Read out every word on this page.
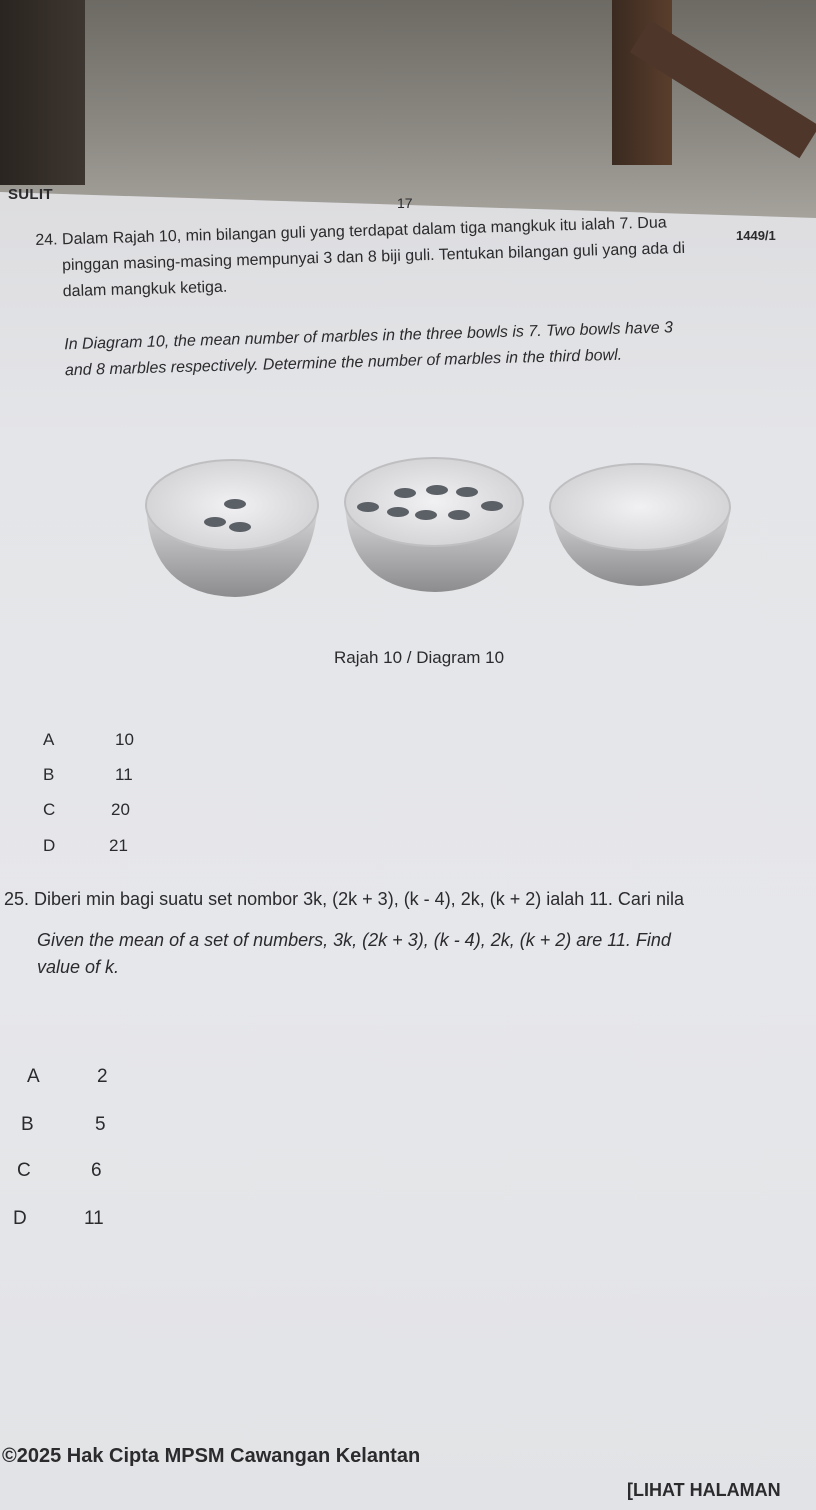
SULIT	17
1449/1

24. Dalam Rajah 10, min bilangan guli yang terdapat dalam tiga mangkuk itu ialah 7. Dua
pinggan masing-masing mempunyai 3 dan 8 biji guli. Tentukan bilangan guli yang ada di
dalam mangkuk ketiga.

In Diagram 10, the mean number of marbles in the three bowls is 7. Two bowls have 3
and 8 marbles respectively. Determine the number of marbles in the third bowl.

Rajah 10 / Diagram 10
A	10
B	11
C	20
D	21
25. Diberi min bagi suatu set nombor 3k, (2k + 3), (k - 4), 2k, (k + 2) ialah 11. Cari nila
Given the mean of a set of numbers, 3k, (2k + 3), (k - 4), 2k, (k + 2) are 11. Find
value of k.
A	2
B	5
C	6
D	11
©2025 Hak Cipta MPSM Cawangan Kelantan
[LIHAT HALAMAN
